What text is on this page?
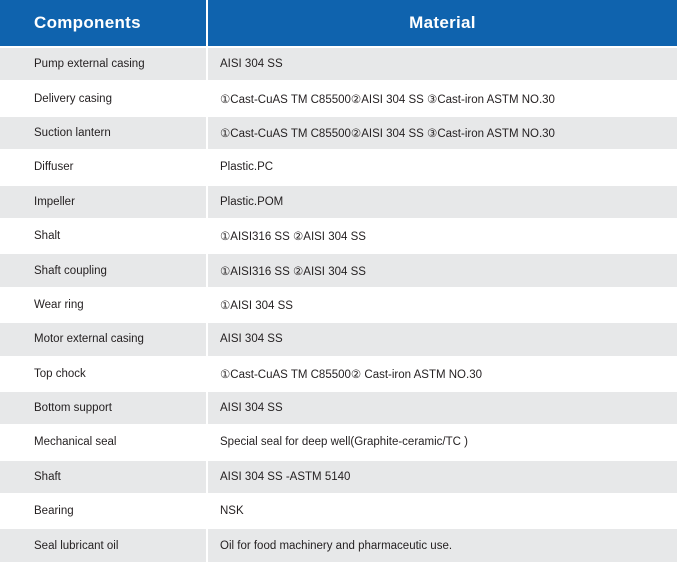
Components	Material
Pump external casing	AISI 304 SS
Delivery casing	①Cast-CuAS TM C85500②AISI 304 SS ③Cast-iron ASTM NO.30
Suction lantern	①Cast-CuAS TM C85500②AISI 304 SS ③Cast-iron ASTM NO.30
Diffuser	Plastic.PC
Impeller	Plastic.POM
Shalt	①AISI316 SS ②AISI 304 SS
Shaft coupling	①AISI316 SS ②AISI 304 SS
Wear ring	①AISI 304 SS
Motor external casing	AISI 304 SS
Top chock	①Cast-CuAS TM C85500② Cast-iron ASTM NO.30
Bottom support	AISI 304 SS
Mechanical seal	Special seal for deep well(Graphite-ceramic/TC )
Shaft	AISI 304 SS -ASTM 5140
Bearing	NSK
Seal lubricant oil	Oil for food machinery and pharmaceutic use.
